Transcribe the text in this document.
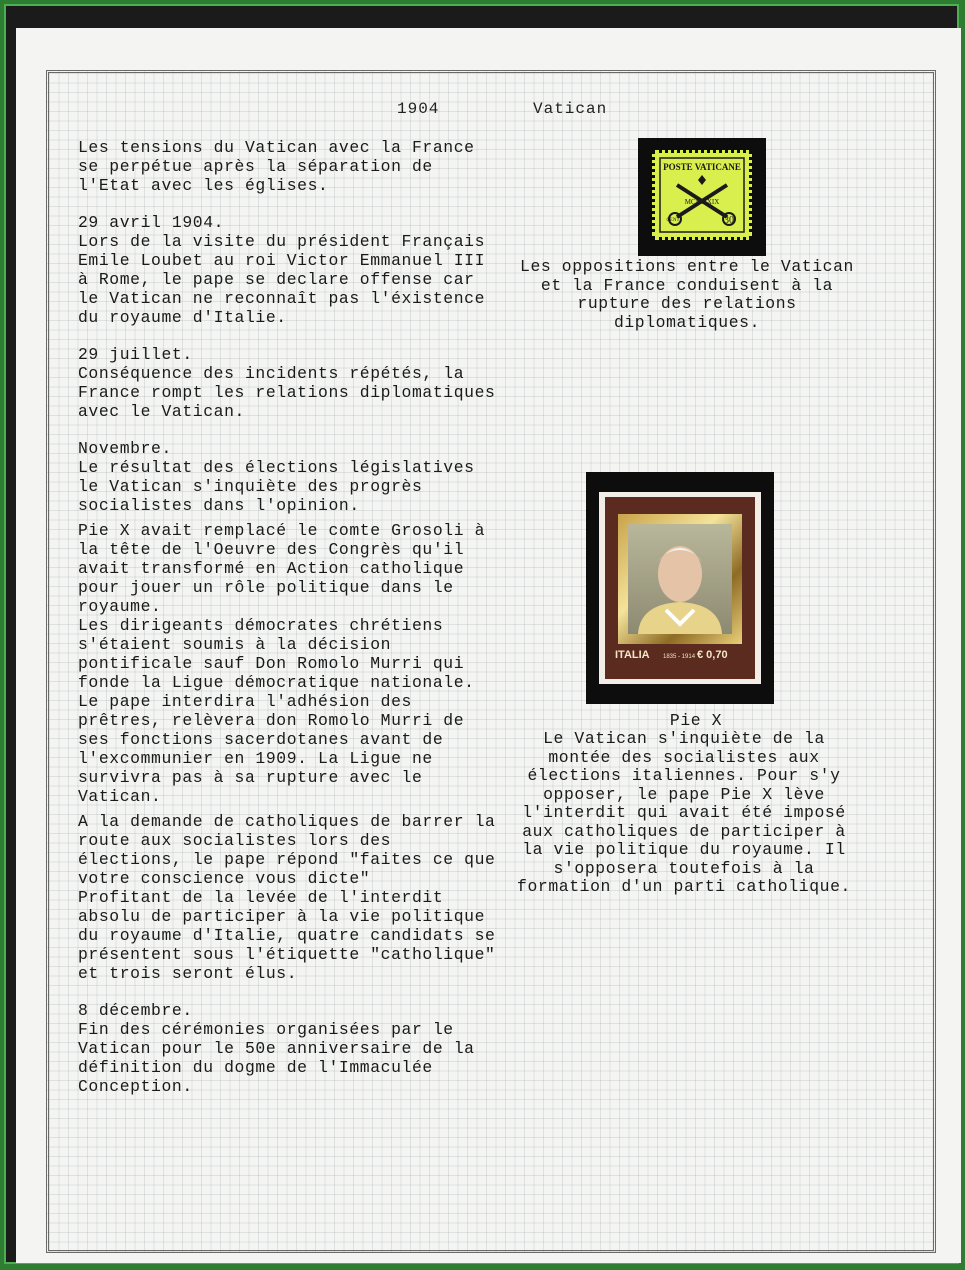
1904	Vatican

Les tensions du Vatican avec la France se perpétue après la séparation de l'Etat avec les églises.

29 avril 1904.
Lors de la visite du président Français Emile Loubet au roi Victor Emmanuel III à Rome, le pape se declare offense car le Vatican ne reconnaît pas l'éxistence du royaume d'Italie.

29 juillet.
Conséquence des incidents répétés, la France rompt les relations diplomatiques avec le Vatican.

Novembre.
Le résultat des élections législatives le Vatican s'inquiète des progrès socialistes dans l'opinion.

Pie X avait remplacé le comte Grosoli à la tête de l'Oeuvre des Congrès qu'il avait transformé en Action catholique pour jouer un rôle politique dans le royaume.
Les dirigeants démocrates chrétiens s'étaient soumis à la décision pontificale sauf Don Romolo Murri qui fonde la Ligue démocratique nationale. Le pape interdira l'adhésion des prêtres, relèvera don Romolo Murri de ses fonctions sacerdotanes avant de l'excommunier en 1909. La Ligue ne survivra pas à sa rupture avec le Vatican.

A la demande de catholiques de barrer la route aux socialistes lors des élections, le pape répond "faites ce que votre conscience vous dicte"
Profitant de la levée de l'interdit absolu de participer à la vie politique du royaume d'Italie, quatre candidats se présentent sous l'étiquette "catholique" et trois seront élus.

8 décembre.
Fin des cérémonies organisées par le Vatican pour le 50e anniversaire de la définition du dogme de l'Immaculée Conception.

POSTE VATICANE
MCMXXIX
CENT	30
Les oppositions entre le Vatican et la France conduisent à la rupture des relations diplomatiques.
ITALIA 1835 - 1914 € 0,70
Pie X
Le Vatican s'inquiète de la montée des socialistes aux élections italiennes. Pour s'y opposer, le pape Pie X lève l'interdit qui avait été imposé aux catholiques de participer à la vie politique du royaume. Il s'opposera toutefois à la formation d'un parti catholique.
